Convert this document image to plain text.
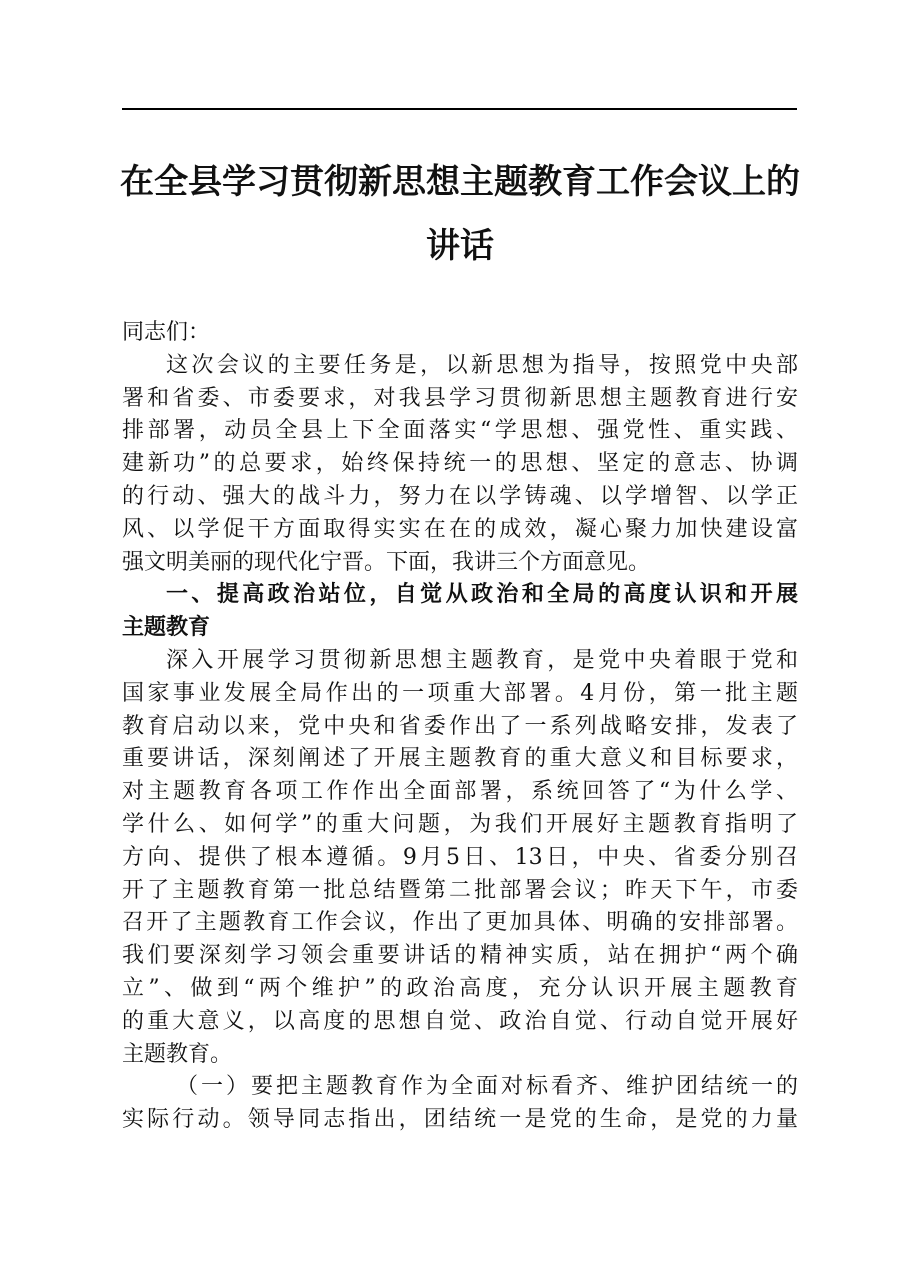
在全县学习贯彻新思想主题教育工作会议上的
讲话
同志们：
这次会议的主要任务是，以新思想为指导，按照党中央部
署和省委、市委要求，对我县学习贯彻新思想主题教育进行安
排部署，动员全县上下全面落实“学思想、强党性、重实践、
建新功”的总要求，始终保持统一的思想、坚定的意志、协调
的行动、强大的战斗力，努力在以学铸魂、以学增智、以学正
风、以学促干方面取得实实在在的成效，凝心聚力加快建设富
强文明美丽的现代化宁晋。下面，我讲三个方面意见。
一、提高政治站位，自觉从政治和全局的高度认识和开展
主题教育
深入开展学习贯彻新思想主题教育，是党中央着眼于党和
国家事业发展全局作出的一项重大部署。4月份，第一批主题
教育启动以来，党中央和省委作出了一系列战略安排，发表了
重要讲话，深刻阐述了开展主题教育的重大意义和目标要求，
对主题教育各项工作作出全面部署，系统回答了“为什么学、
学什么、如何学”的重大问题，为我们开展好主题教育指明了
方向、提供了根本遵循。9月5日、13日，中央、省委分别召
开了主题教育第一批总结暨第二批部署会议；昨天下午，市委
召开了主题教育工作会议，作出了更加具体、明确的安排部署。
我们要深刻学习领会重要讲话的精神实质，站在拥护“两个确
立”、做到“两个维护”的政治高度，充分认识开展主题教育
的重大意义，以高度的思想自觉、政治自觉、行动自觉开展好
主题教育。
（一）要把主题教育作为全面对标看齐、维护团结统一的
实际行动。领导同志指出，团结统一是党的生命，是党的力量
